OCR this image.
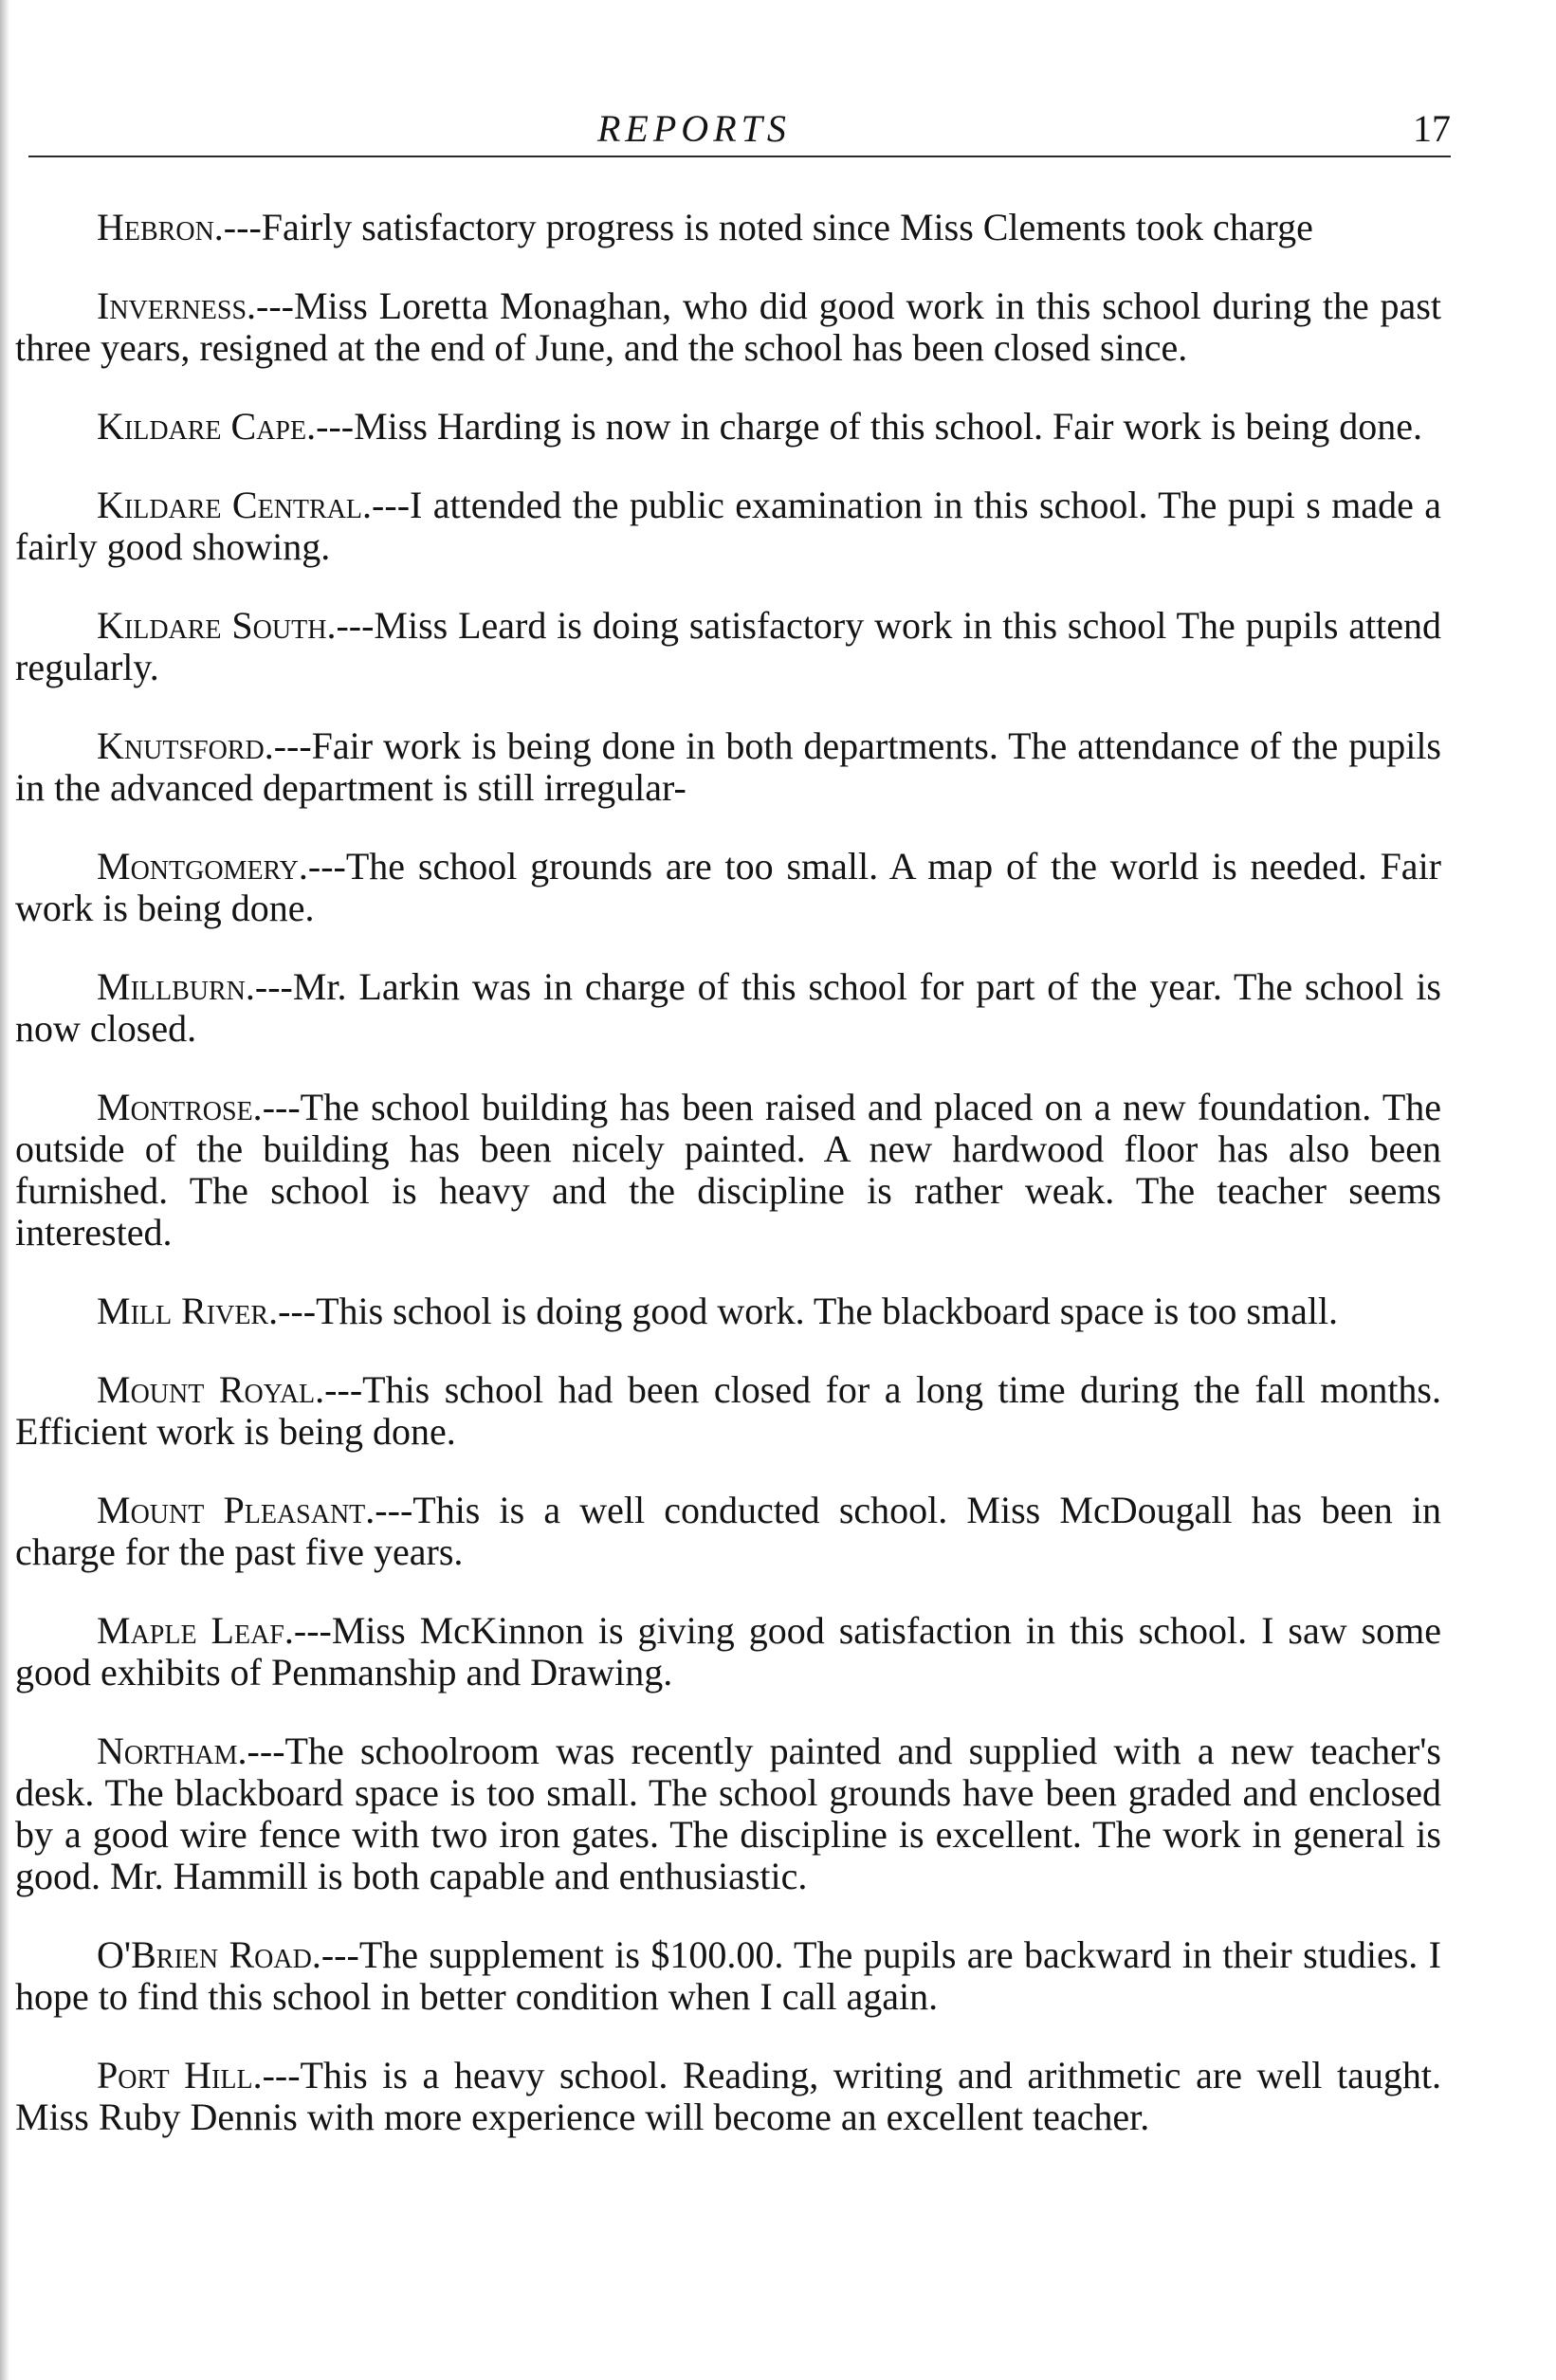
REPORTS	17

Hebron.---Fairly satisfactory progress is noted since Miss Clements took charge

Inverness.---Miss Loretta Monaghan, who did good work in this school during the past three years, resigned at the end of June, and the school has been closed since.

Kildare Cape.---Miss Harding is now in charge of this school. Fair work is being done.

Kildare Central.---I attended the public examination in this school. The pupi s made a fairly good showing.

Kildare South.---Miss Leard is doing satisfactory work in this school The pupils attend regularly.

Knutsford.---Fair work is being done in both departments. The attendance of the pupils in the advanced department is still irregular-

Montgomery.---The school grounds are too small. A map of the world is needed. Fair work is being done.

Millburn.---Mr. Larkin was in charge of this school for part of the year. The school is now closed.

Montrose.---The school building has been raised and placed on a new foundation. The outside of the building has been nicely painted. A new hardwood floor has also been furnished. The school is heavy and the discipline is rather weak. The teacher seems interested.

Mill River.---This school is doing good work. The blackboard space is too small.

Mount Royal.---This school had been closed for a long time during the fall months. Efficient work is being done.

Mount Pleasant.---This is a well conducted school. Miss McDougall has been in charge for the past five years.

Maple Leaf.---Miss McKinnon is giving good satisfaction in this school. I saw some good exhibits of Penmanship and Drawing.

Northam.---The schoolroom was recently painted and supplied with a new teacher's desk. The blackboard space is too small. The school grounds have been graded and enclosed by a good wire fence with two iron gates. The discipline is excellent. The work in general is good. Mr. Hammill is both capable and enthusiastic.

O'Brien Road.---The supplement is $100.00. The pupils are backward in their studies. I hope to find this school in better condition when I call again.

Port Hill.---This is a heavy school. Reading, writing and arithmetic are well taught. Miss Ruby Dennis with more experience will become an excellent teacher.
